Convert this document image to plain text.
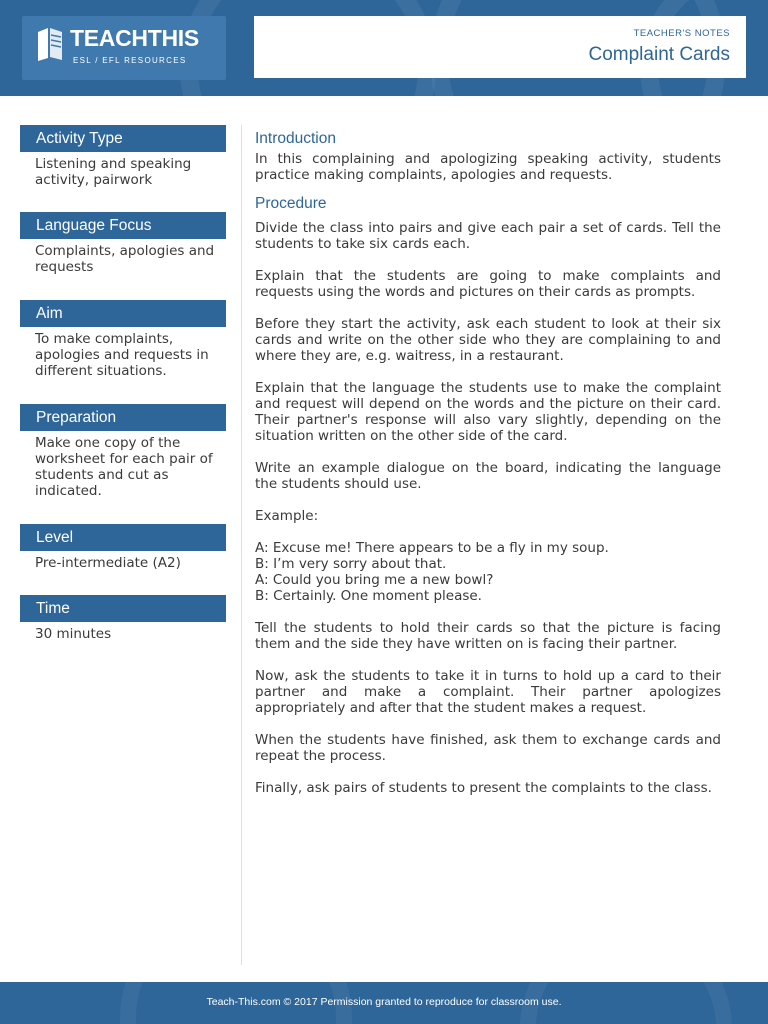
TEACHTHIS
ESL / EFL RESOURCES
TEACHER'S NOTES
Complaint Cards
Activity Type
Listening and speaking activity, pairwork
Language Focus
Complaints, apologies and requests
Aim
To make complaints, apologies and requests in different situations.
Preparation
Make one copy of the worksheet for each pair of students and cut as indicated.
Level
Pre-intermediate (A2)
Time
30 minutes
Introduction

In this complaining and apologizing speaking activity, students practice making complaints, apologies and requests.

Procedure

Divide the class into pairs and give each pair a set of cards. Tell the students to take six cards each.

Explain that the students are going to make complaints and requests using the words and pictures on their cards as prompts.

Before they start the activity, ask each student to look at their six cards and write on the other side who they are complaining to and where they are, e.g. waitress, in a restaurant.

Explain that the language the students use to make the complaint and request will depend on the words and the picture on their card. Their partner's response will also vary slightly, depending on the situation written on the other side of the card.

Write an example dialogue on the board, indicating the language the students should use.

Example:

A: Excuse me! There appears to be a fly in my soup.
B: I’m very sorry about that.
A: Could you bring me a new bowl?
B: Certainly. One moment please.

Tell the students to hold their cards so that the picture is facing them and the side they have written on is facing their partner.

Now, ask the students to take it in turns to hold up a card to their partner and make a complaint. Their partner apologizes appropriately and after that the student makes a request.

When the students have finished, ask them to exchange cards and repeat the process.

Finally, ask pairs of students to present the complaints to the class.

Teach-This.com © 2017 Permission granted to reproduce for classroom use.
